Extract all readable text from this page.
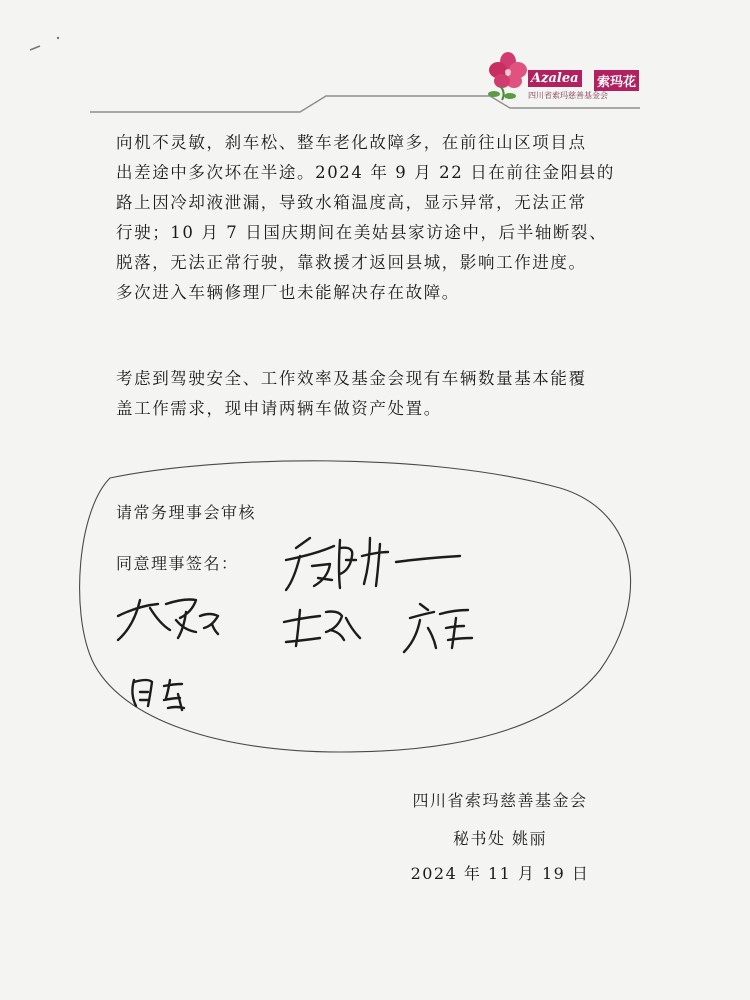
Azalea 索玛花
四川省索玛慈善基金会
向机不灵敏，刹车松、整车老化故障多，在前往山区项目点
出差途中多次坏在半途。2024 年 9 月 22 日在前往金阳县的
路上因冷却液泄漏，导致水箱温度高，显示异常，无法正常
行驶；10 月 7 日国庆期间在美姑县家访途中，后半轴断裂、
脱落，无法正常行驶，靠救援才返回县城，影响工作进度。
多次进入车辆修理厂也未能解决存在故障。
考虑到驾驶安全、工作效率及基金会现有车辆数量基本能覆
盖工作需求，现申请两辆车做资产处置。
请常务理事会审核
同意理事签名：
四川省索玛慈善基金会
秘书处 姚丽
2024 年 11 月 19 日
